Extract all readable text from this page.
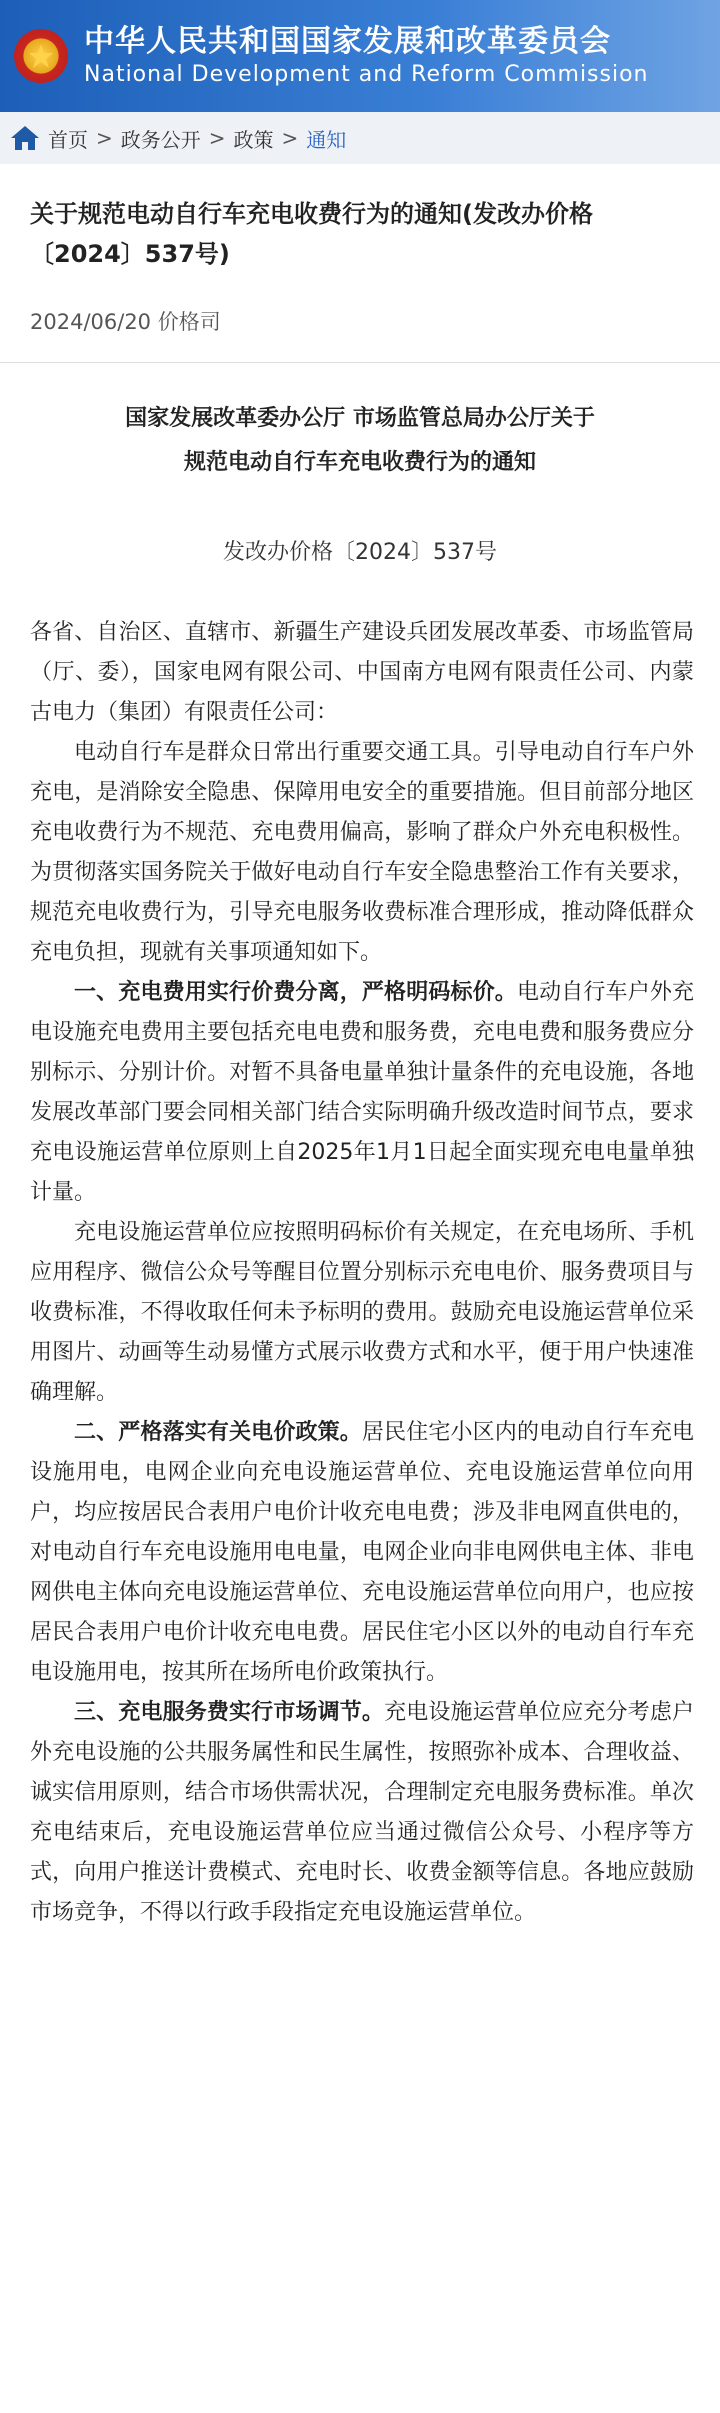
中华人民共和国国家发展和改革委员会
National Development and Reform Commission
首页 > 政务公开 > 政策 > 通知
关于规范电动自行车充电收费行为的通知(发改办价格〔2024〕537号)
2024/06/20 价格司
国家发展改革委办公厅 市场监管总局办公厅关于
规范电动自行车充电收费行为的通知
发改办价格〔2024〕537号

各省、自治区、直辖市、新疆生产建设兵团发展改革委、市场监管局（厅、委），国家电网有限公司、中国南方电网有限责任公司、内蒙古电力（集团）有限责任公司：

电动自行车是群众日常出行重要交通工具。引导电动自行车户外充电，是消除安全隐患、保障用电安全的重要措施。但目前部分地区充电收费行为不规范、充电费用偏高，影响了群众户外充电积极性。为贯彻落实国务院关于做好电动自行车安全隐患整治工作有关要求，规范充电收费行为，引导充电服务收费标准合理形成，推动降低群众充电负担，现就有关事项通知如下。

一、充电费用实行价费分离，严格明码标价。电动自行车户外充电设施充电费用主要包括充电电费和服务费，充电电费和服务费应分别标示、分别计价。对暂不具备电量单独计量条件的充电设施，各地发展改革部门要会同相关部门结合实际明确升级改造时间节点，要求充电设施运营单位原则上自2025年1月1日起全面实现充电电量单独计量。

充电设施运营单位应按照明码标价有关规定，在充电场所、手机应用程序、微信公众号等醒目位置分别标示充电电价、服务费项目与收费标准，不得收取任何未予标明的费用。鼓励充电设施运营单位采用图片、动画等生动易懂方式展示收费方式和水平，便于用户快速准确理解。

二、严格落实有关电价政策。居民住宅小区内的电动自行车充电设施用电，电网企业向充电设施运营单位、充电设施运营单位向用户，均应按居民合表用户电价计收充电电费；涉及非电网直供电的，对电动自行车充电设施用电电量，电网企业向非电网供电主体、非电网供电主体向充电设施运营单位、充电设施运营单位向用户，也应按居民合表用户电价计收充电电费。居民住宅小区以外的电动自行车充电设施用电，按其所在场所电价政策执行。

三、充电服务费实行市场调节。充电设施运营单位应充分考虑户外充电设施的公共服务属性和民生属性，按照弥补成本、合理收益、诚实信用原则，结合市场供需状况，合理制定充电服务费标准。单次充电结束后，充电设施运营单位应当通过微信公众号、小程序等方式，向用户推送计费模式、充电时长、收费金额等信息。各地应鼓励市场竞争，不得以行政手段指定充电设施运营单位。
